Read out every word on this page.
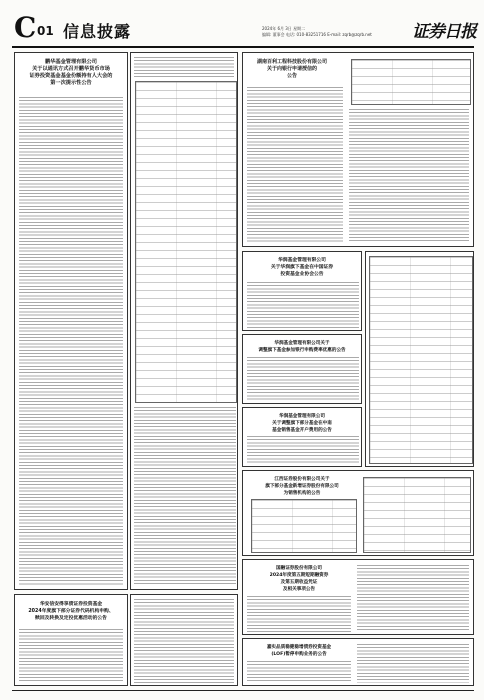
C 01 信息披露	2024年 6月 3日 星期二
编辑: 董事会 电话: 010-83251716 E-mail: zqrb@zqrb.net 证券日报
鹏华基金管理有限公司
关于以通讯方式召开鹏华货币市场
证券投资基金基金份额持有人大会的
第一次提示性公告
华安信安得享债证券投资基金
2024年度旗下部分证券代码机构申购、
赎回及转换及定投优惠活动的公告
湖南百利工程科技股份有限公司
关于向银行申请授信的
公告
华润基金管理有限公司
关于华润旗下基金在中国证券
投资基金业协会公告
华润基金管理有限公司关于
调整旗下基金参加银行申购费率优惠的公告
华润基金管理有限公司
关于调整旗下部分基金在中南
基金销售基金开户费用的公告
江西证券股份有限公司关于
旗下部分基金新增证券股份有限公司
为销售机构的公告
国融证券股份有限公司
2024年度第五期短期融资券
及第五期收益凭证
及相关事项公告
嘉实品质稳健稳增债券投资基金
(LOF)暂停申购业务的公告
